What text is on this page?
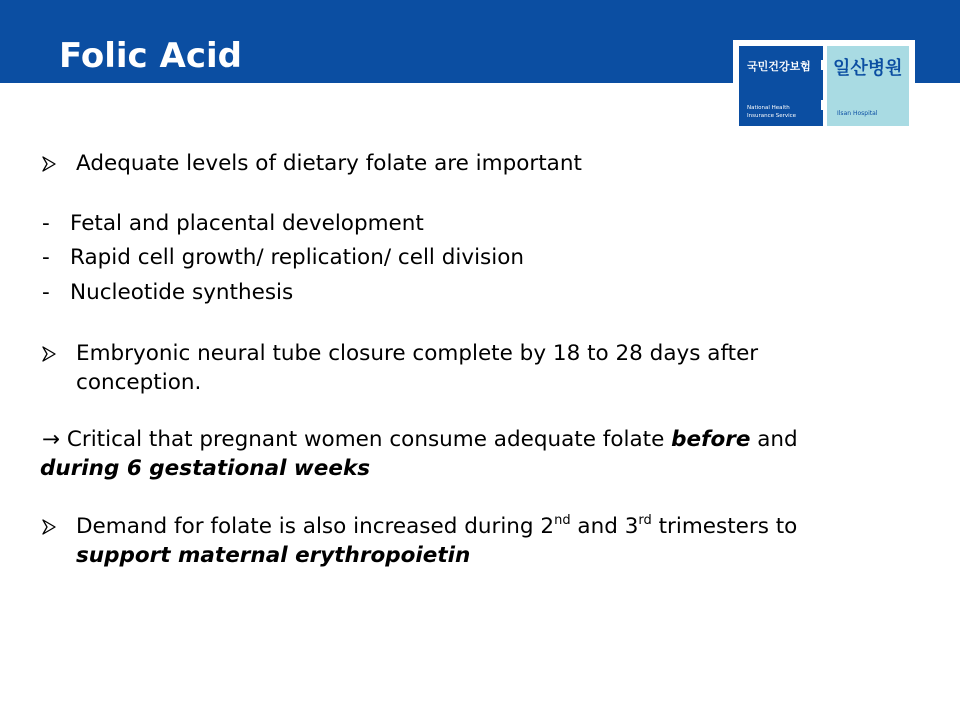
Folic Acid	국민건강보험
National Health
Insurance Service
일산병원
Ilsan Hospital
Adequate levels of dietary folate are important
- Fetal and placental development
- Rapid cell growth/ replication/ cell division
- Nucleotide synthesis
Embryonic neural tube closure complete by 18 to 28 days after
conception.
→ Critical that pregnant women consume adequate folate before and
during 6 gestational weeks
Demand for folate is also increased during 2nd and 3rd trimesters to
support maternal erythropoietin
